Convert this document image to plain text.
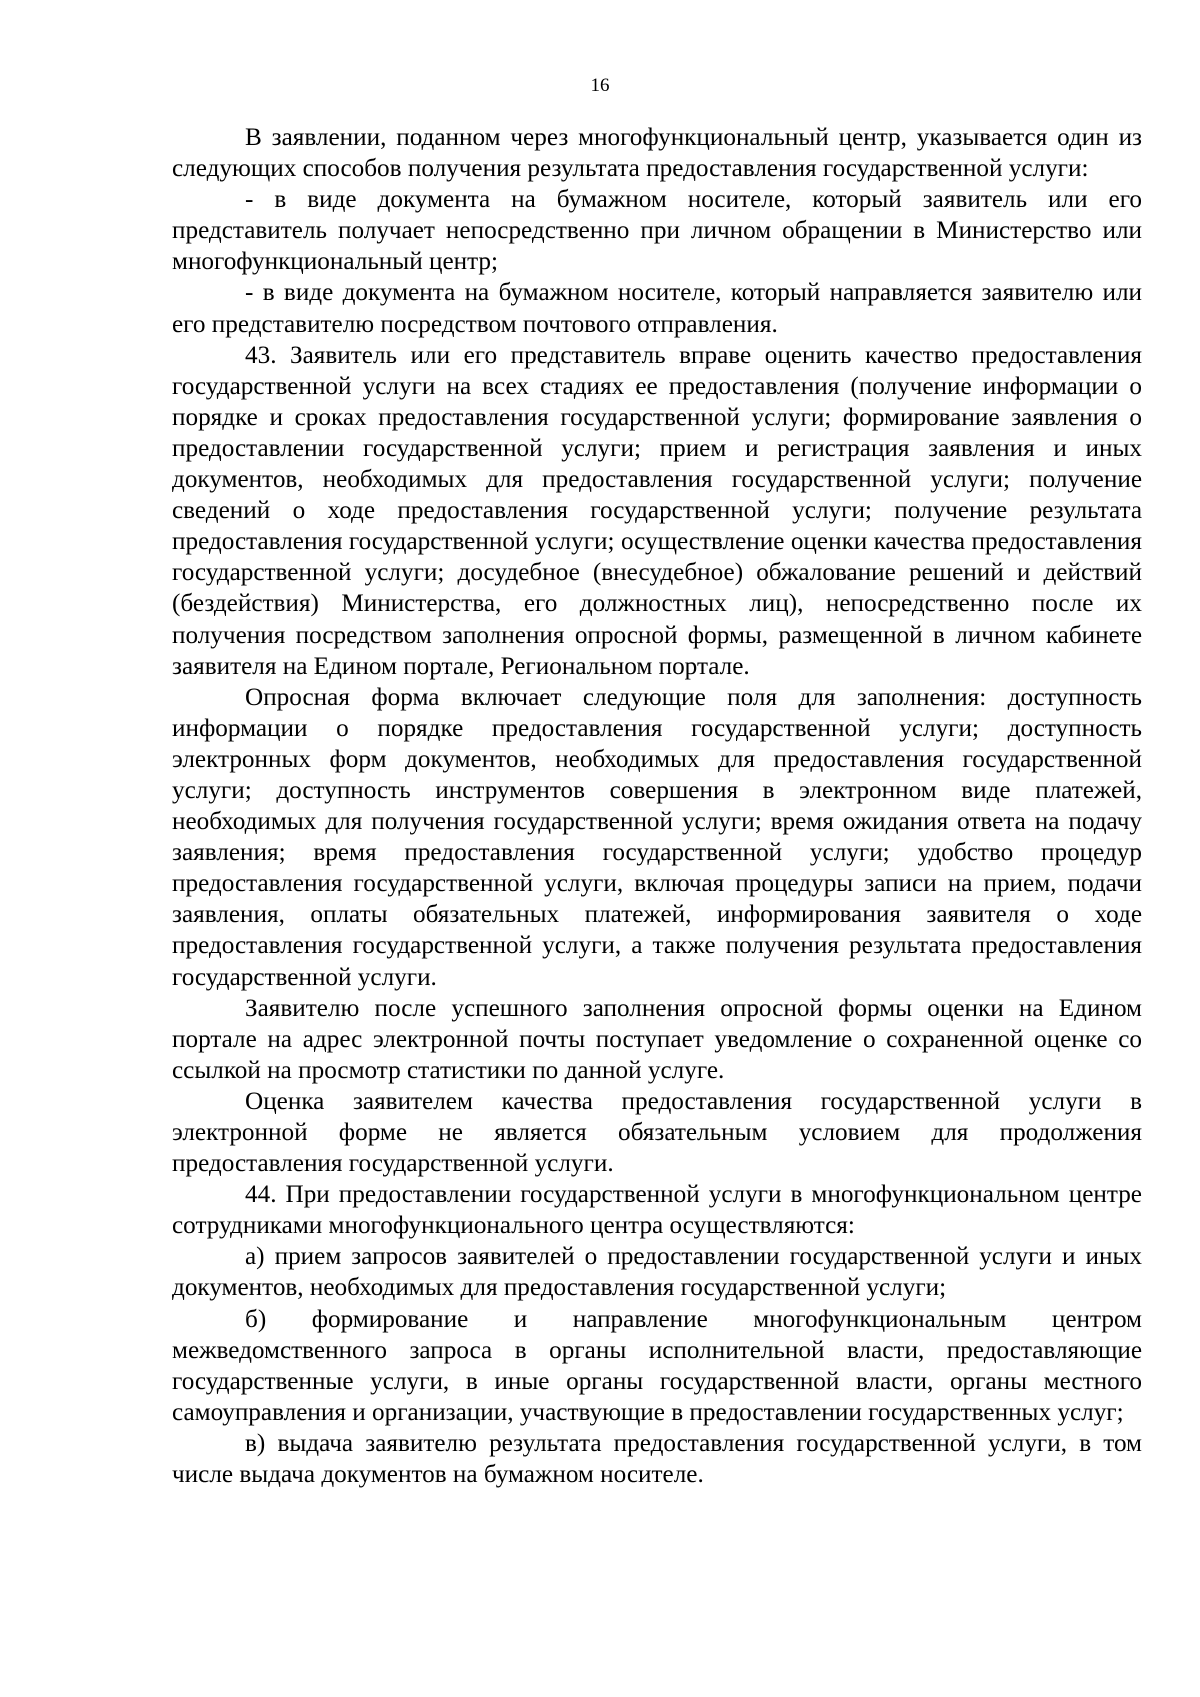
16

В заявлении, поданном через многофункциональный центр, указывается один из следующих способов получения результата предоставления государственной услуги:

- в виде документа на бумажном носителе, который заявитель или его представитель получает непосредственно при личном обращении в Министерство или многофункциональный центр;

- в виде документа на бумажном носителе, который направляется заявителю или его представителю посредством почтового отправления.

43. Заявитель или его представитель вправе оценить качество предоставления государственной услуги на всех стадиях ее предоставления (получение информации о порядке и сроках предоставления государственной услуги; формирование заявления о предоставлении государственной услуги; прием и регистрация заявления и иных документов, необходимых для предоставления государственной услуги; получение сведений о ходе предоставления государственной услуги; получение результата предоставления государственной услуги; осуществление оценки качества предоставления государственной услуги; досудебное (внесудебное) обжалование решений и действий (бездействия) Министерства, его должностных лиц), непосредственно после их получения посредством заполнения опросной формы, размещенной в личном кабинете заявителя на Едином портале, Региональном портале.

Опросная форма включает следующие поля для заполнения: доступность информации о порядке предоставления государственной услуги; доступность электронных форм документов, необходимых для предоставления государственной услуги; доступность инструментов совершения в электронном виде платежей, необходимых для получения государственной услуги; время ожидания ответа на подачу заявления; время предоставления государственной услуги; удобство процедур предоставления государственной услуги, включая процедуры записи на прием, подачи заявления, оплаты обязательных платежей, информирования заявителя о ходе предоставления государственной услуги, а также получения результата предоставления государственной услуги.

Заявителю после успешного заполнения опросной формы оценки на Едином портале на адрес электронной почты поступает уведомление о сохраненной оценке со ссылкой на просмотр статистики по данной услуге.

Оценка заявителем качества предоставления государственной услуги в электронной форме не является обязательным условием для продолжения предоставления государственной услуги.

44. При предоставлении государственной услуги в многофункциональном центре сотрудниками многофункционального центра осуществляются:

а) прием запросов заявителей о предоставлении государственной услуги и иных документов, необходимых для предоставления государственной услуги;

б) формирование и направление многофункциональным центром межведомственного запроса в органы исполнительной власти, предоставляющие государственные услуги, в иные органы государственной власти, органы местного самоуправления и организации, участвующие в предоставлении государственных услуг;

в) выдача заявителю результата предоставления государственной услуги, в том числе выдача документов на бумажном носителе.
